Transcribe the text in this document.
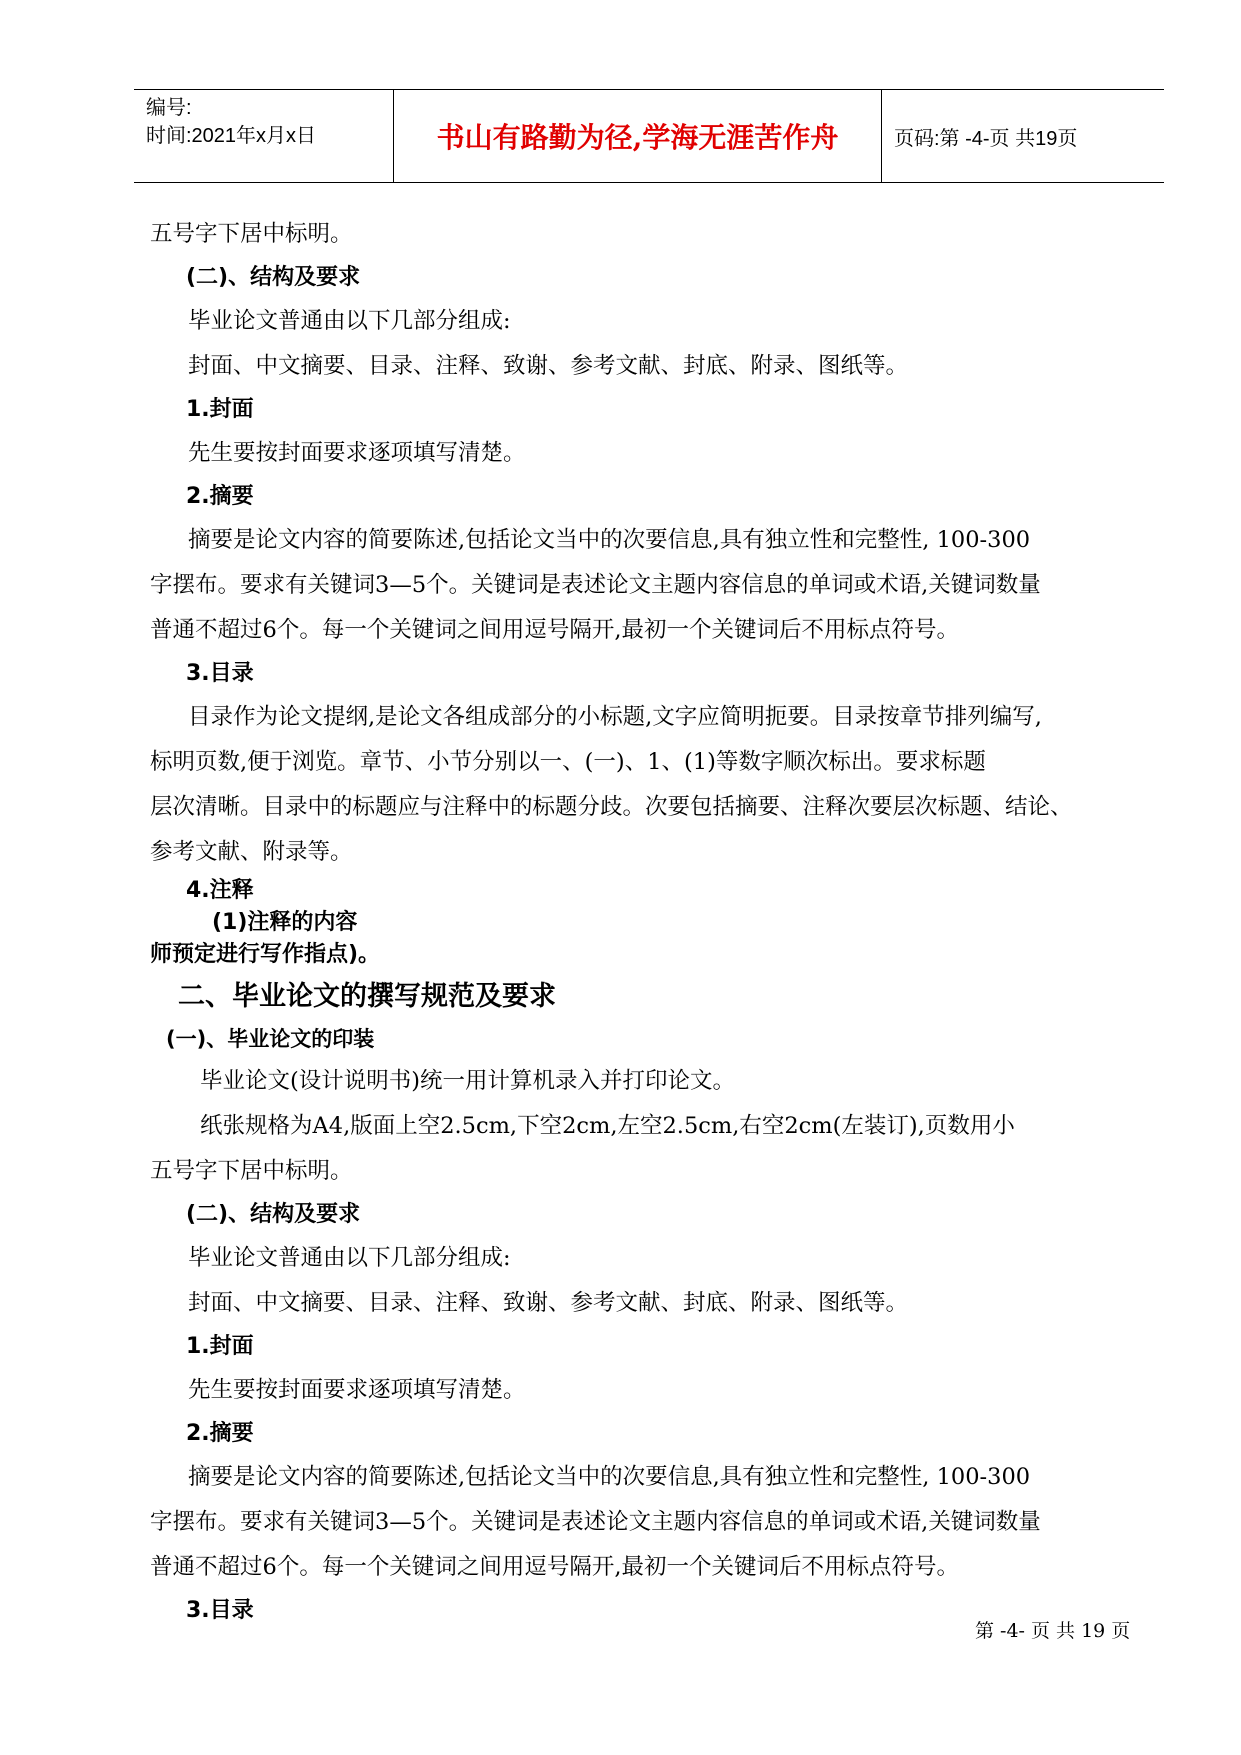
编号:
时间:2021年x月x日	书山有路勤为径,学海无涯苦作舟	页码:第 -4-页 共19页

五号字下居中标明。

(二)、结构及要求

毕业论文普通由以下几部分组成:

封面、中文摘要、目录、注释、致谢、参考文献、封底、附录、图纸等。

1.封面

先生要按封面要求逐项填写清楚。

2.摘要

摘要是论文内容的简要陈述,包括论文当中的次要信息,具有独立性和完整性, 100-300

字摆布。要求有关键词3—5个。关键词是表述论文主题内容信息的单词或术语,关键词数量

普通不超过6个。每一个关键词之间用逗号隔开,最初一个关键词后不用标点符号。

3.目录

目录作为论文提纲,是论文各组成部分的小标题,文字应简明扼要。目录按章节排列编写,

标明页数,便于浏览。章节、小节分别以一、(一)、1、(1)等数字顺次标出。要求标题

层次清晰。目录中的标题应与注释中的标题分歧。次要包括摘要、注释次要层次标题、结论、

参考文献、附录等。

4.注释

(1)注释的内容

师预定进行写作指点)。

二、毕业论文的撰写规范及要求

(一)、毕业论文的印装

毕业论文(设计说明书)统一用计算机录入并打印论文。

纸张规格为A4,版面上空2.5cm,下空2cm,左空2.5cm,右空2cm(左装订),页数用小

五号字下居中标明。

(二)、结构及要求

毕业论文普通由以下几部分组成:

封面、中文摘要、目录、注释、致谢、参考文献、封底、附录、图纸等。

1.封面

先生要按封面要求逐项填写清楚。

2.摘要

摘要是论文内容的简要陈述,包括论文当中的次要信息,具有独立性和完整性, 100-300

字摆布。要求有关键词3—5个。关键词是表述论文主题内容信息的单词或术语,关键词数量

普通不超过6个。每一个关键词之间用逗号隔开,最初一个关键词后不用标点符号。

3.目录

第 -4- 页 共 19 页
